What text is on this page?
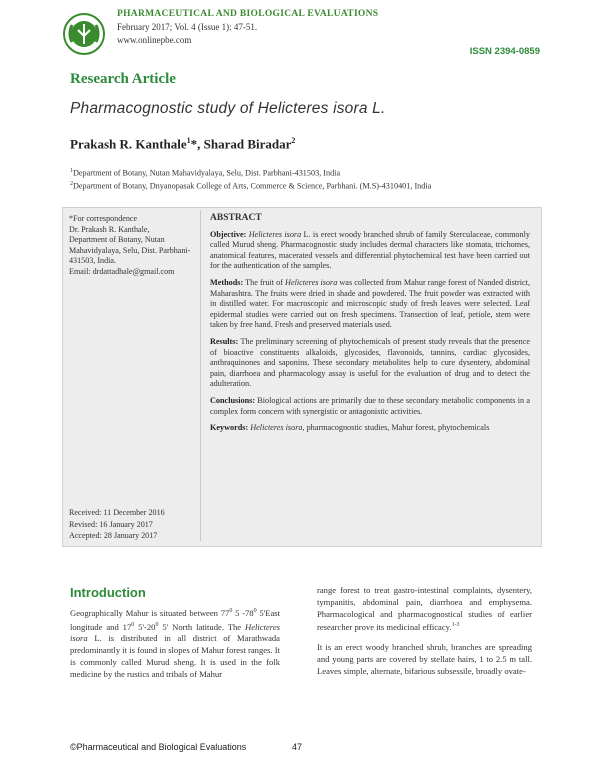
PHARMACEUTICAL AND BIOLOGICAL EVALUATIONS
February 2017; Vol. 4 (Issue 1): 47-51.
www.onlinepbe.com
ISSN 2394-0859
Research Article
Pharmacognostic study of Helicteres isora L.
Prakash R. Kanthale$^1$*, Sharad Biradar$^2$
$^1$Department of Botany, Nutan Mahavidyalaya, Selu, Dist. Parbhani-431503, India
$^2$Department of Botany, Dnyanopasak College of Arts, Commerce & Science, Parbhani. (M.S)-4310401, India
*For correspondence
Dr. Prakash R. Kanthale,
Department of Botany, Nutan Mahavidyalaya, Selu, Dist. Parbhani-431503, India.
Email: drdattadhale@gmail.com
Received: 11 December 2016
Revised: 16 January 2017
Accepted: 28 January 2017
ABSTRACT

Objective: Helicteres isora L. is erect woody branched shrub of family Sterculaceae, commonly called Murud sheng. Pharmacognostic study includes dermal characters like stomata, trichomes, anatomical features, macerated vessels and differential phytochemical test have been carried out for the authentication of the samples.

Methods: The fruit of Helicteres isora was collected from Mahur range forest of Nanded district, Maharashtra. The fruits were dried in shade and powdered. The fruit powder was extracted with in distilled water. For macroscopic and microscopic study of fresh leaves were selected. Leaf epidermal studies were carried out on fresh specimens. Transection of leaf, petiole, stem were taken by free hand. Fresh and preserved materials used.

Results: The preliminary screening of phytochemicals of present study reveals that the presence of bioactive constituents alkaloids, glycosides, flavonoids, tannins, cardiac glycosides, anthraquinones and saponins. These secondary metabolites help to cure dysentery, abdominal pain, diarrhoea and pharmacology assay is useful for the evaluation of drug and to detect the adulteration.

Conclusions: Biological actions are primarily due to these secondary metabolic components in a complex form concern with synergistic or antagonistic activities.

Keywords: Helicteres isora, pharmacognostic studies, Mahur forest, phytochemicals

Introduction

Geographically Mahur is situated between $77^0$ 5 $-78^0$ 5'East longitude and $17^0$ $5'-20^0$ 5' North latitude. The Helicteres isora L. is distributed in all district of Marathwada predominantly it is found in slopes of Mahur forest ranges. It is commonly called Murud sheng. It is used in the folk medicine by the rustics and tribals of Mahur

range forest to treat gastro-intestinal complaints, dysentery, tympanitis, abdominal pain, diarrhoea and emphysema. Pharmacological and pharmacognostical studies of earlier researcher prove its medicinal efficacy.$^{1-3}$

It is an erect woody branched shrub, branches are spreading and young parts are covered by stellate hairs, 1 to 2.5 m tall. Leaves simple, alternate, bifarious subsessile, broadly ovate-

©Pharmaceutical and Biological Evaluations	47
